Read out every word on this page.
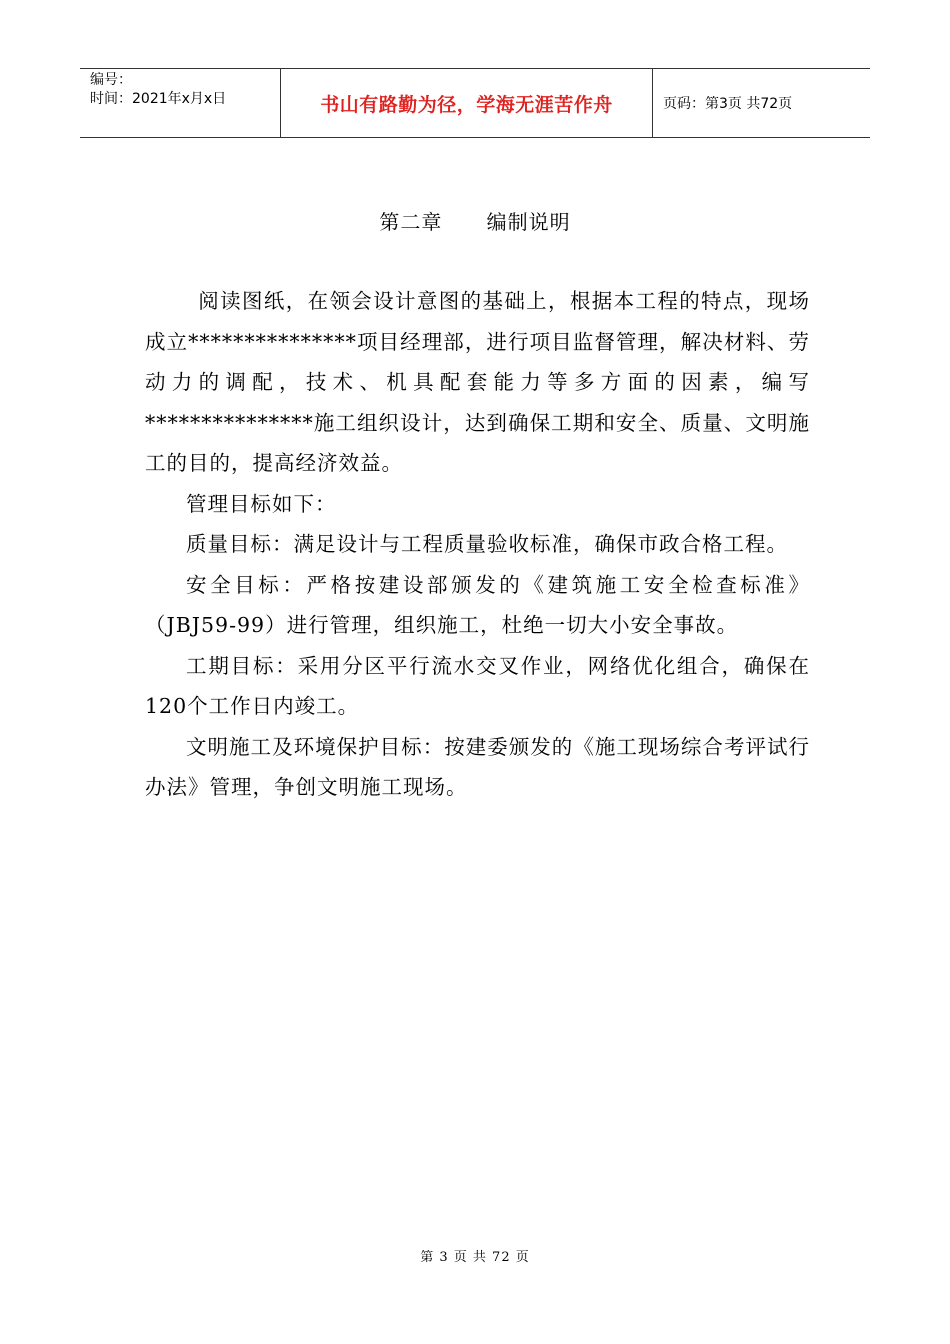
编号：
时间：2021年x月x日	书山有路勤为径，学海无涯苦作舟	页码：第3页 共72页
第二章      编制说明

阅读图纸，在领会设计意图的基础上，根据本工程的特点，现场成立***************项目经理部，进行项目监督管理，解决材料、劳动力的调配，技术、机具配套能力等多方面的因素，编写***************施工组织设计，达到确保工期和安全、质量、文明施工的目的，提高经济效益。

管理目标如下：

质量目标：满足设计与工程质量验收标准，确保市政合格工程。

安全目标：严格按建设部颁发的《建筑施工安全检查标准》（JBJ59-99）进行管理，组织施工，杜绝一切大小安全事故。

工期目标：采用分区平行流水交叉作业，网络优化组合，确保在120个工作日内竣工。

文明施工及环境保护目标：按建委颁发的《施工现场综合考评试行办法》管理，争创文明施工现场。

第 3 页 共 72 页
